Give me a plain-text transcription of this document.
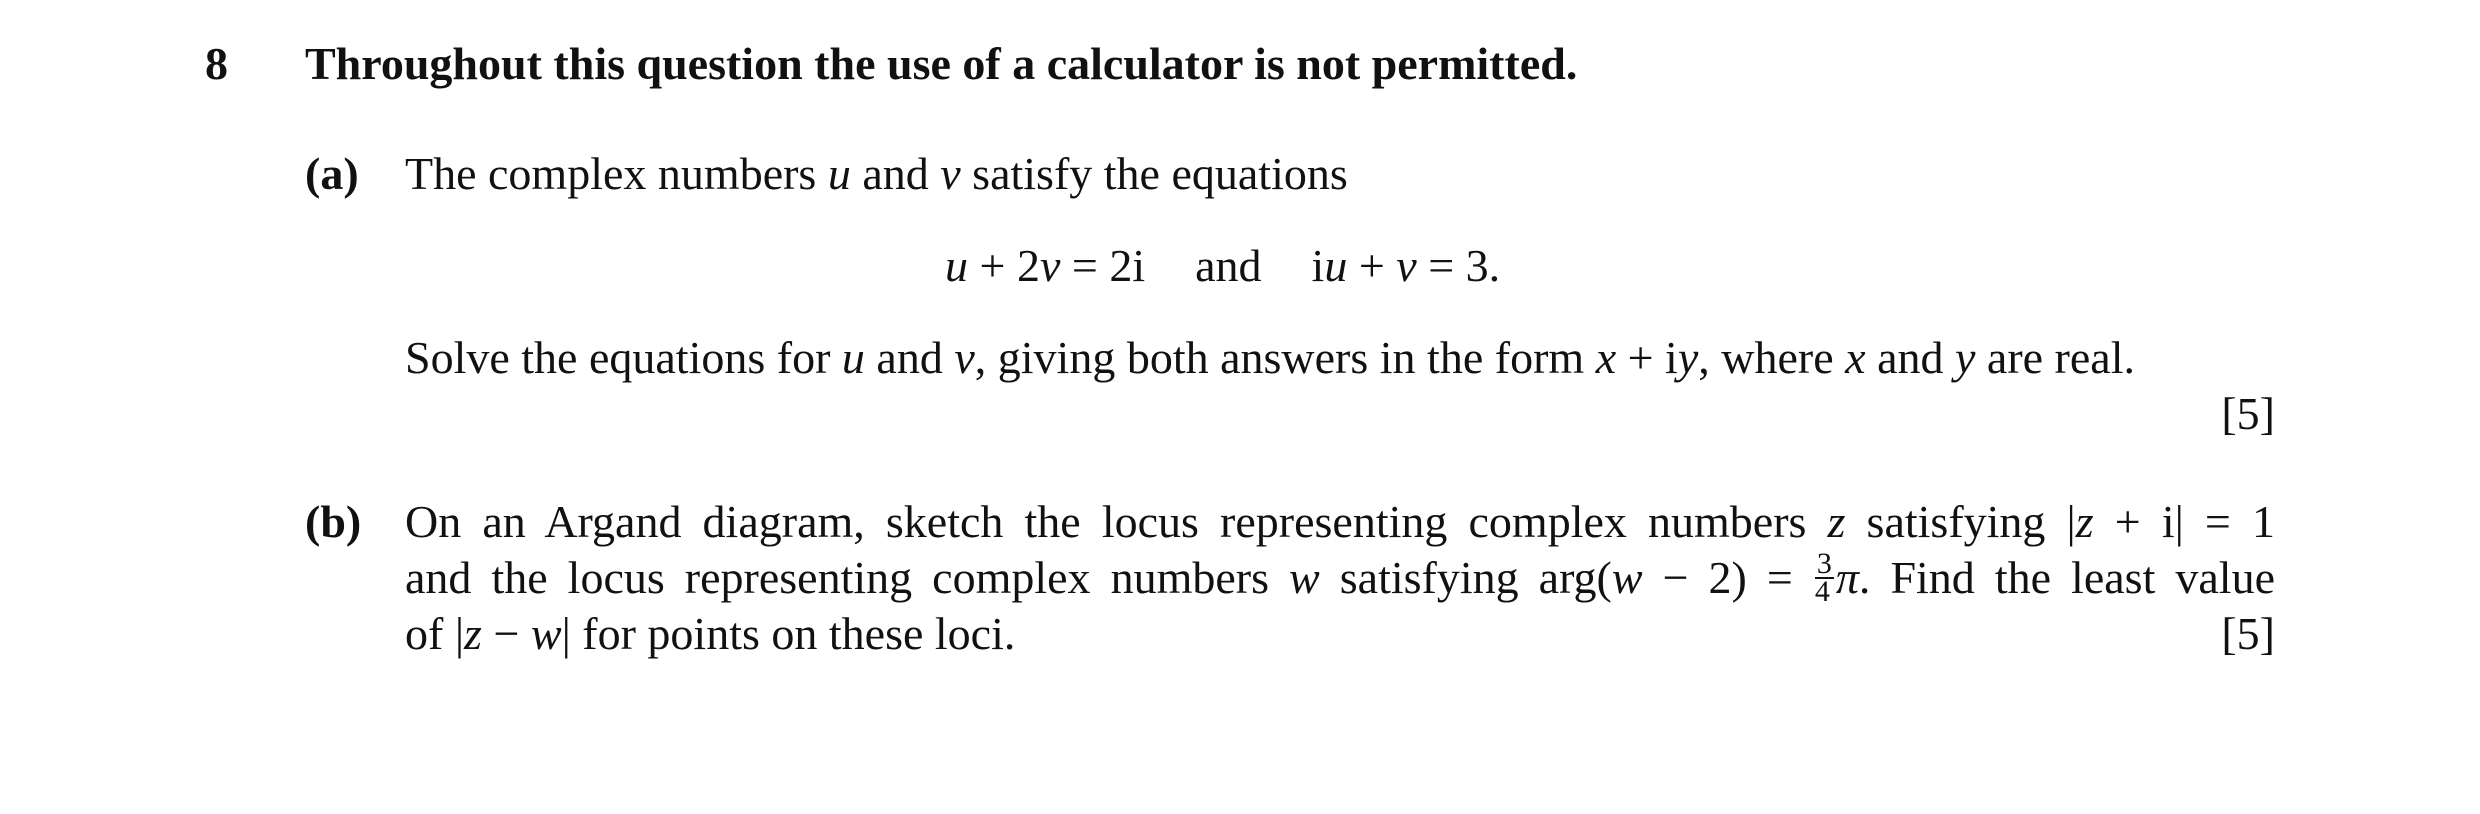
8 Throughout this question the use of a calculator is not permitted.
(a) The complex numbers u and v satisfy the equations
u + 2v = 2i and iu + v = 3.
Solve the equations for u and v, giving both answers in the form x + iy, where x and y are real.
[5]
(b) On an Argand diagram, sketch the locus representing complex numbers z satisfying |z + i| = 1
and the locus representing complex numbers w satisfying $arg(w - 2) = \frac{3}{4} \pi$. Find the least value
of |z − w| for points on these loci.	[5]
